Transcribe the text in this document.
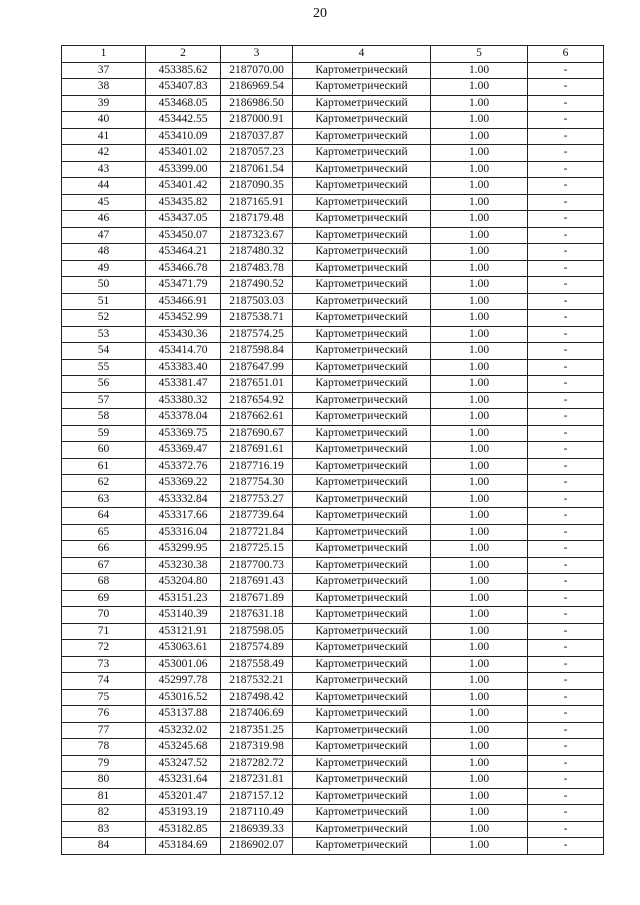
20
1	2	3	4	5	6
37	453385.62	2187070.00	Картометрический	1.00	-
38	453407.83	2186969.54	Картометрический	1.00	-
39	453468.05	2186986.50	Картометрический	1.00	-
40	453442.55	2187000.91	Картометрический	1.00	-
41	453410.09	2187037.87	Картометрический	1.00	-
42	453401.02	2187057.23	Картометрический	1.00	-
43	453399.00	2187061.54	Картометрический	1.00	-
44	453401.42	2187090.35	Картометрический	1.00	-
45	453435.82	2187165.91	Картометрический	1.00	-
46	453437.05	2187179.48	Картометрический	1.00	-
47	453450.07	2187323.67	Картометрический	1.00	-
48	453464.21	2187480.32	Картометрический	1.00	-
49	453466.78	2187483.78	Картометрический	1.00	-
50	453471.79	2187490.52	Картометрический	1.00	-
51	453466.91	2187503.03	Картометрический	1.00	-
52	453452.99	2187538.71	Картометрический	1.00	-
53	453430.36	2187574.25	Картометрический	1.00	-
54	453414.70	2187598.84	Картометрический	1.00	-
55	453383.40	2187647.99	Картометрический	1.00	-
56	453381.47	2187651.01	Картометрический	1.00	-
57	453380.32	2187654.92	Картометрический	1.00	-
58	453378.04	2187662.61	Картометрический	1.00	-
59	453369.75	2187690.67	Картометрический	1.00	-
60	453369.47	2187691.61	Картометрический	1.00	-
61	453372.76	2187716.19	Картометрический	1.00	-
62	453369.22	2187754.30	Картометрический	1.00	-
63	453332.84	2187753.27	Картометрический	1.00	-
64	453317.66	2187739.64	Картометрический	1.00	-
65	453316.04	2187721.84	Картометрический	1.00	-
66	453299.95	2187725.15	Картометрический	1.00	-
67	453230.38	2187700.73	Картометрический	1.00	-
68	453204.80	2187691.43	Картометрический	1.00	-
69	453151.23	2187671.89	Картометрический	1.00	-
70	453140.39	2187631.18	Картометрический	1.00	-
71	453121.91	2187598.05	Картометрический	1.00	-
72	453063.61	2187574.89	Картометрический	1.00	-
73	453001.06	2187558.49	Картометрический	1.00	-
74	452997.78	2187532.21	Картометрический	1.00	-
75	453016.52	2187498.42	Картометрический	1.00	-
76	453137.88	2187406.69	Картометрический	1.00	-
77	453232.02	2187351.25	Картометрический	1.00	-
78	453245.68	2187319.98	Картометрический	1.00	-
79	453247.52	2187282.72	Картометрический	1.00	-
80	453231.64	2187231.81	Картометрический	1.00	-
81	453201.47	2187157.12	Картометрический	1.00	-
82	453193.19	2187110.49	Картометрический	1.00	-
83	453182.85	2186939.33	Картометрический	1.00	-
84	453184.69	2186902.07	Картометрический	1.00	-
